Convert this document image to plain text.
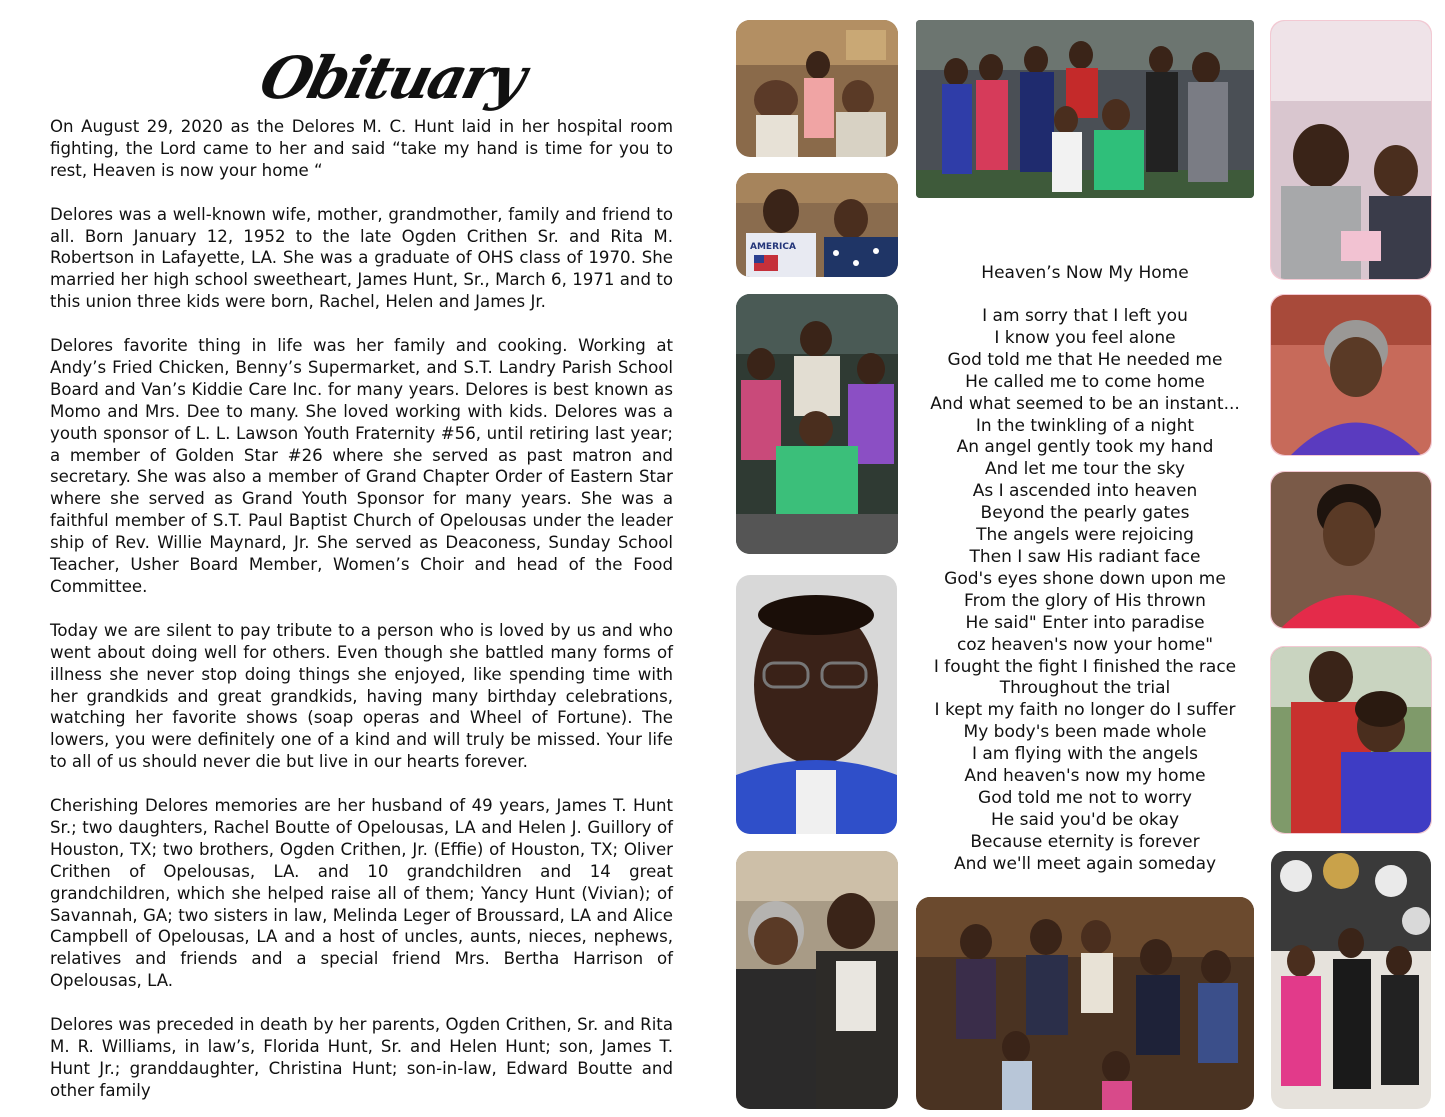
Obituary

On August 29, 2020 as the Delores M. C. Hunt laid in her hospital room fighting, the Lord came to her and said “take my hand is time for you to rest, Heaven is now your home “

Delores was a well-known wife, mother, grandmother, family and friend to all. Born January 12, 1952 to the late Ogden Crithen Sr. and Rita M. Robertson in Lafayette, LA. She was a graduate of OHS class of 1970. She married her high school sweetheart, James Hunt, Sr., March 6, 1971 and to this union three kids were born, Rachel, Helen and James Jr.

Delores favorite thing in life was her family and cooking. Working at Andy’s Fried Chicken, Benny’s Supermarket, and S.T. Landry Parish School Board and Van’s Kiddie Care Inc. for many years. Delores is best known as Momo and Mrs. Dee to many. She loved working with kids. Delores was a youth sponsor of L. L. Lawson Youth Fraternity #56, until retiring last year; a member of Golden Star #26 where she served as past matron and secretary. She was also a member of Grand Chapter Order of Eastern Star where she served as Grand Youth Sponsor for many years. She was a faithful member of S.T. Paul Baptist Church of Opelousas under the leader ship of Rev. Willie Maynard, Jr. She served as Deaconess, Sunday School Teacher, Usher Board Member, Women’s Choir and head of the Food Committee.

Today we are silent to pay tribute to a person who is loved by us and who went about doing well for others. Even though she battled many forms of illness she never stop doing things she enjoyed, like spending time with her grandkids and great grandkids, having many birthday celebrations, watching her favorite shows (soap operas and Wheel of Fortune). The lowers, you were definitely one of a kind and will truly be missed. Your life to all of us should never die but live in our hearts forever.

Cherishing Delores memories are her husband of 49 years, James T. Hunt Sr.; two daughters, Rachel Boutte of Opelousas, LA and Helen J. Guillory of Houston, TX; two brothers, Ogden Crithen, Jr. (Effie) of Houston, TX; Oliver Crithen of Opelousas, LA. and 10 grandchildren and 14 great grandchildren, which she helped raise all of them; Yancy Hunt (Vivian); of Savannah, GA; two sisters in law, Melinda Leger of Broussard, LA and Alice Campbell of Opelousas, LA and a host of uncles, aunts, nieces, nephews, relatives and friends and a special friend Mrs. Bertha Harrison of Opelousas, LA.

Delores was preceded in death by her parents, Ogden Crithen, Sr. and Rita M. R. Williams, in law’s, Florida Hunt, Sr. and Helen Hunt; son, James T. Hunt Jr.; granddaughter, Christina Hunt; son-in-law, Edward Boutte and other family

Heaven’s Now My Home
I am sorry that I left you
I know you feel alone
God told me that He needed me
He called me to come home
And what seemed to be an instant...
In the twinkling of a night
An angel gently took my hand
And let me tour the sky
As I ascended into heaven
Beyond the pearly gates
The angels were rejoicing
Then I saw His radiant face
God's eyes shone down upon me
From the glory of His thrown
He said" Enter into paradise
coz heaven's now your home"
I fought the fight I finished the race
Throughout the trial
I kept my faith no longer do I suffer
My body's been made whole
I am flying with the angels
And heaven's now my home
God told me not to worry
He said you'd be okay
Because eternity is forever
And we'll meet again someday
AMERICA
